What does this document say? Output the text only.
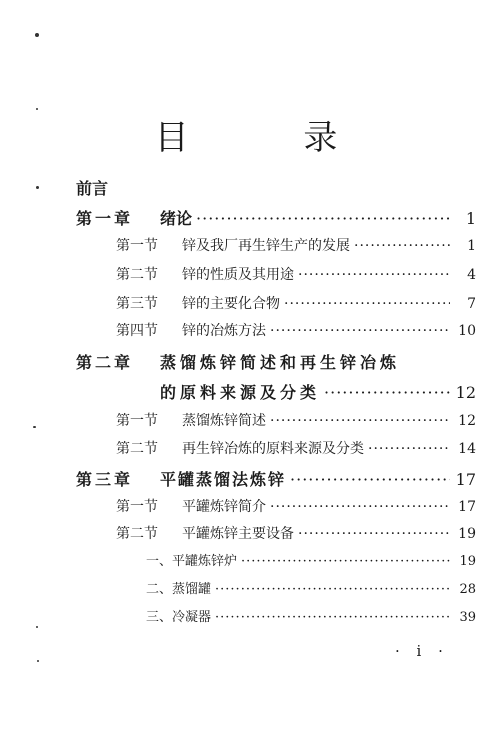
目 录
前言
第一章 绪论 ·····	1
第一节 锌及我厂再生锌生产的发展 ·····	1
第二节 锌的性质及其用途 ·····	4
第三节 锌的主要化合物 ·····	7
第四节 锌的冶炼方法 ·····	10
第二章 蒸馏炼锌简述和再生锌冶炼
的原料来源及分类 ·····	12
第一节 蒸馏炼锌简述 ·····	12
第二节 再生锌冶炼的原料来源及分类 ·····	14
第三章 平罐蒸馏法炼锌 ·····	17
第一节 平罐炼锌简介 ·····	17
第二节 平罐炼锌主要设备 ·····	19
一、平罐炼锌炉 ·····	19
二、蒸馏罐 ·····	28
三、冷凝器 ·····	39
· i ·
